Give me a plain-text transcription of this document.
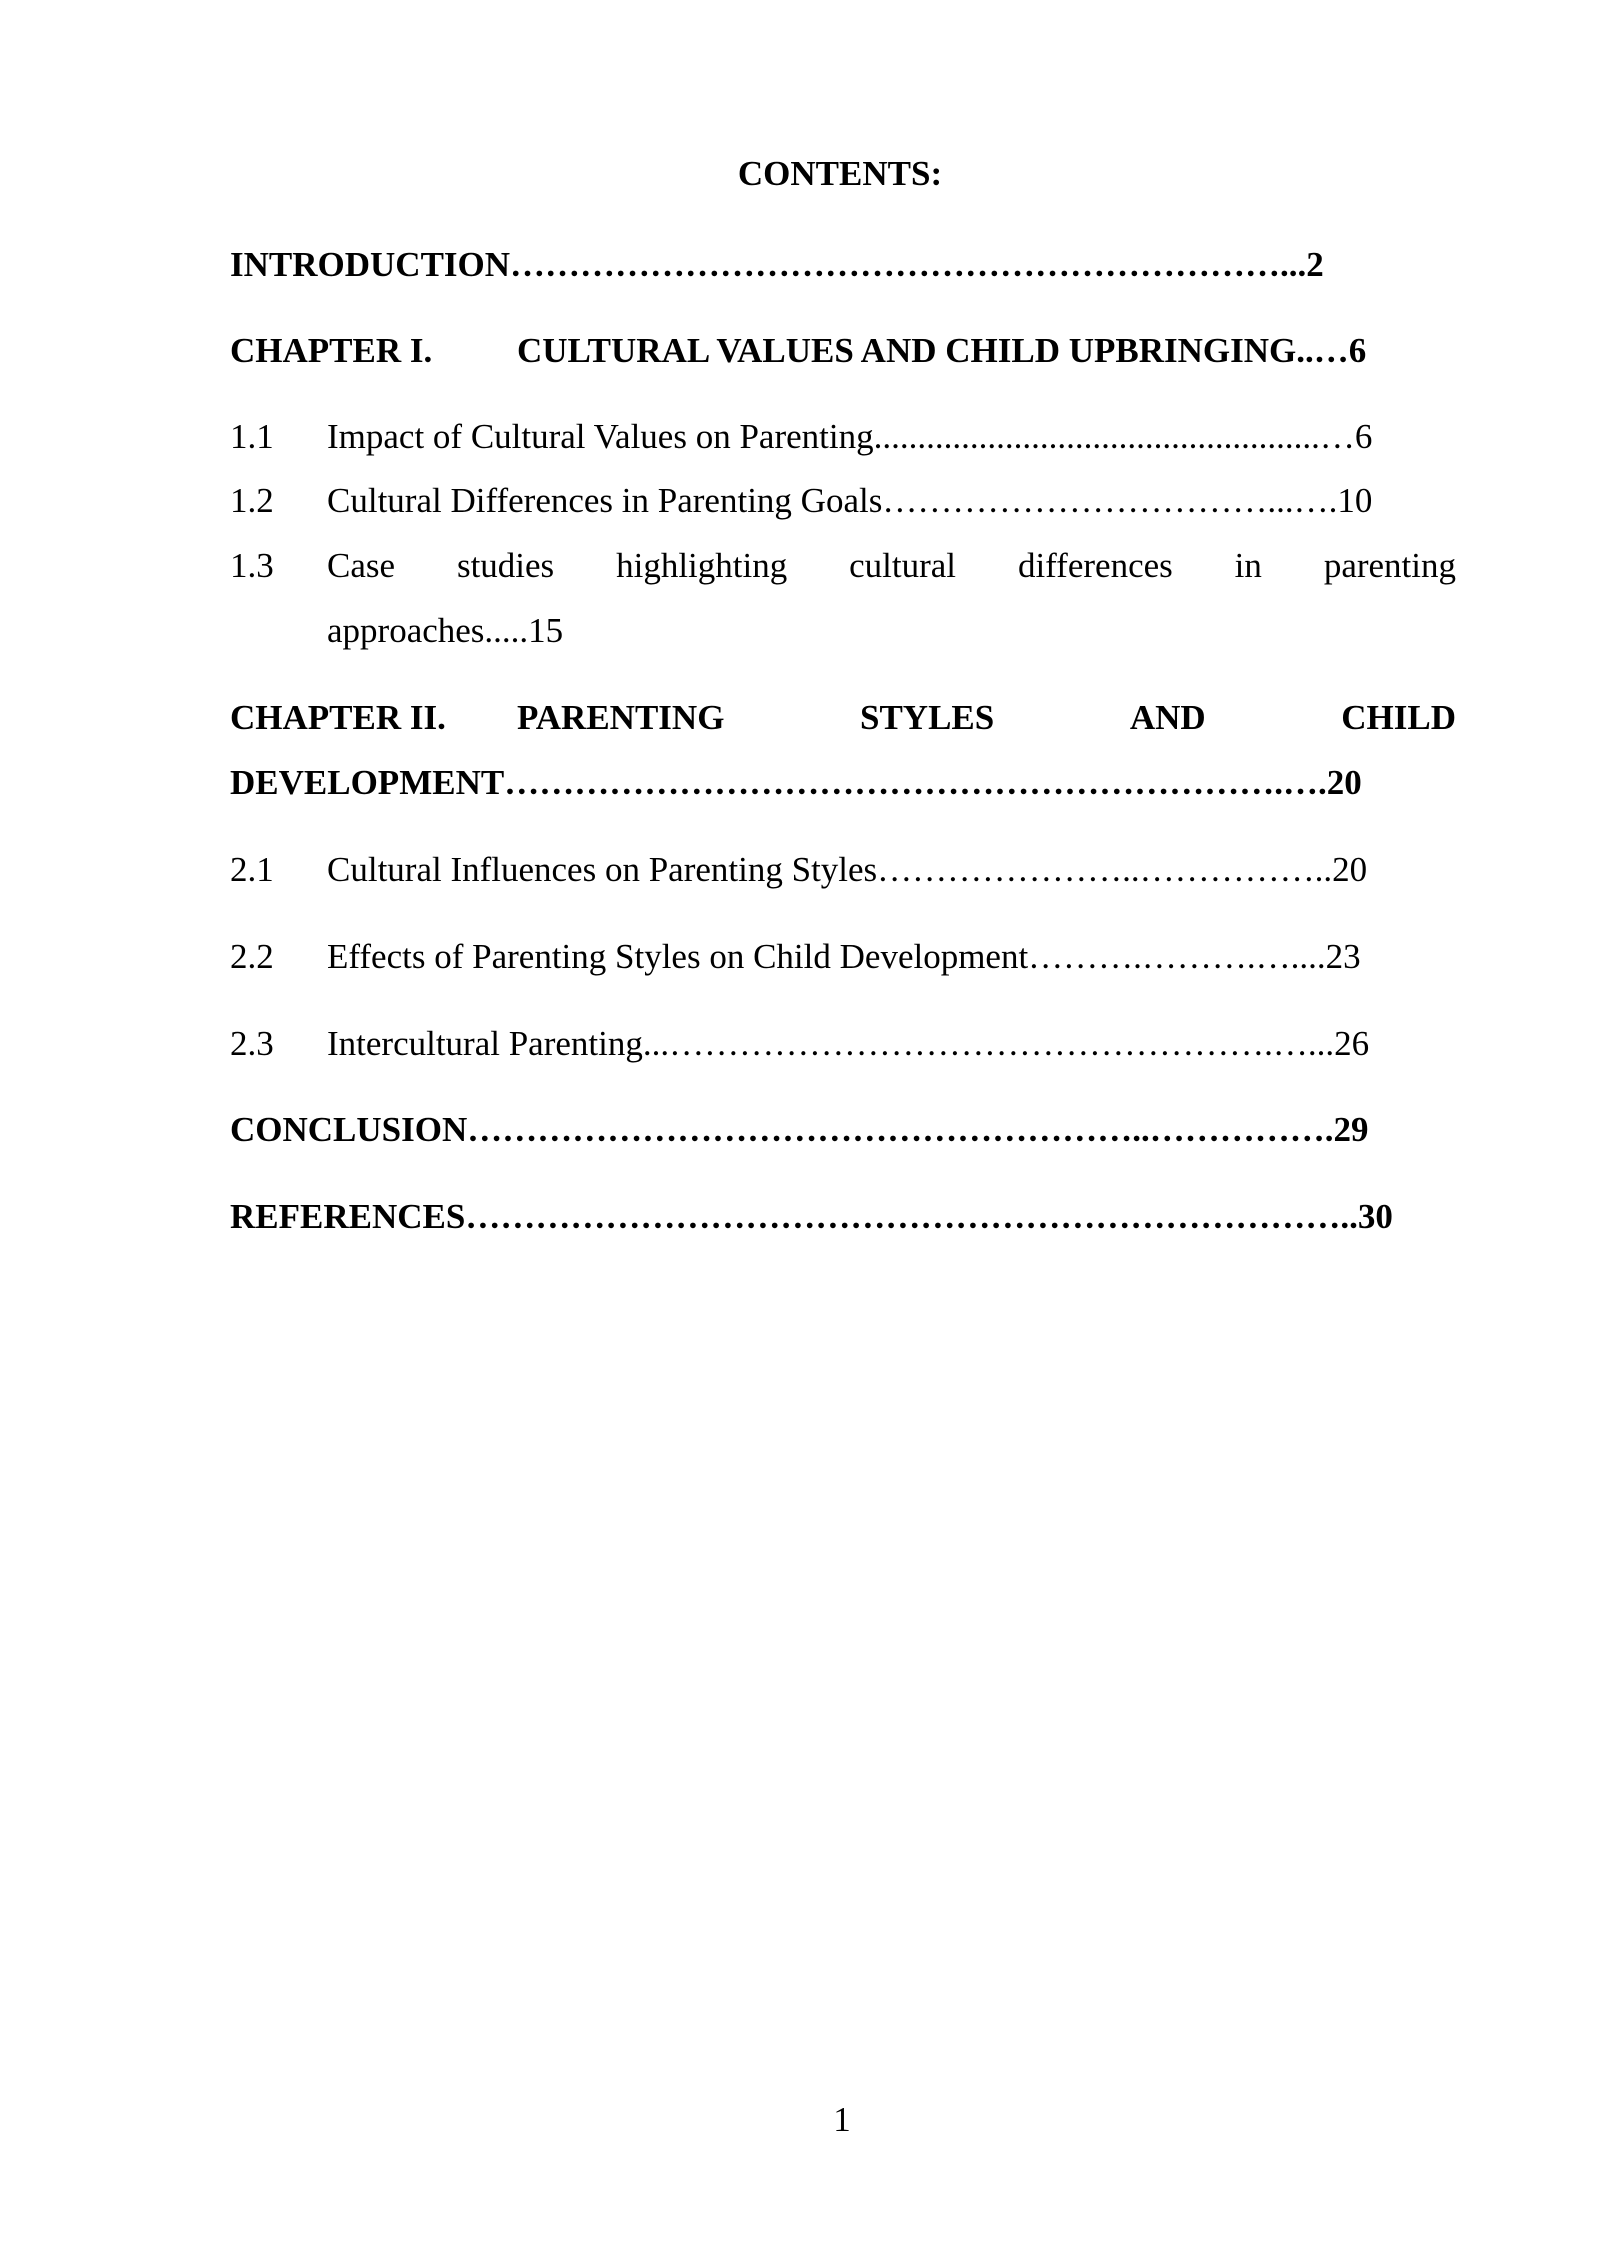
CONTENTS:
INTRODUCTION…………………………………………………………...2
CHAPTER I. CULTURAL VALUES AND CHILD UPBRINGING..…6
1.1 Impact of Cultural Values on Parenting...................................................…6
1.2 Cultural Differences in Parenting Goals……………………………...….10
1.3	Case studies highlighting cultural differences in parenting
approaches.....15
CHAPTER II.	PARENTING	STYLES	AND	CHILD
DEVELOPMENT………………………………………………………….….20
2.1 Cultural Influences on Parenting Styles…………………..……………..20
2.2 Effects of Parenting Styles on Child Development……….……….…....23
2.3 Intercultural Parenting...…………………………………………….…...26
CONCLUSION…………………………………………………..…………….29
REFERENCES…………………………………………………………………..30
1
